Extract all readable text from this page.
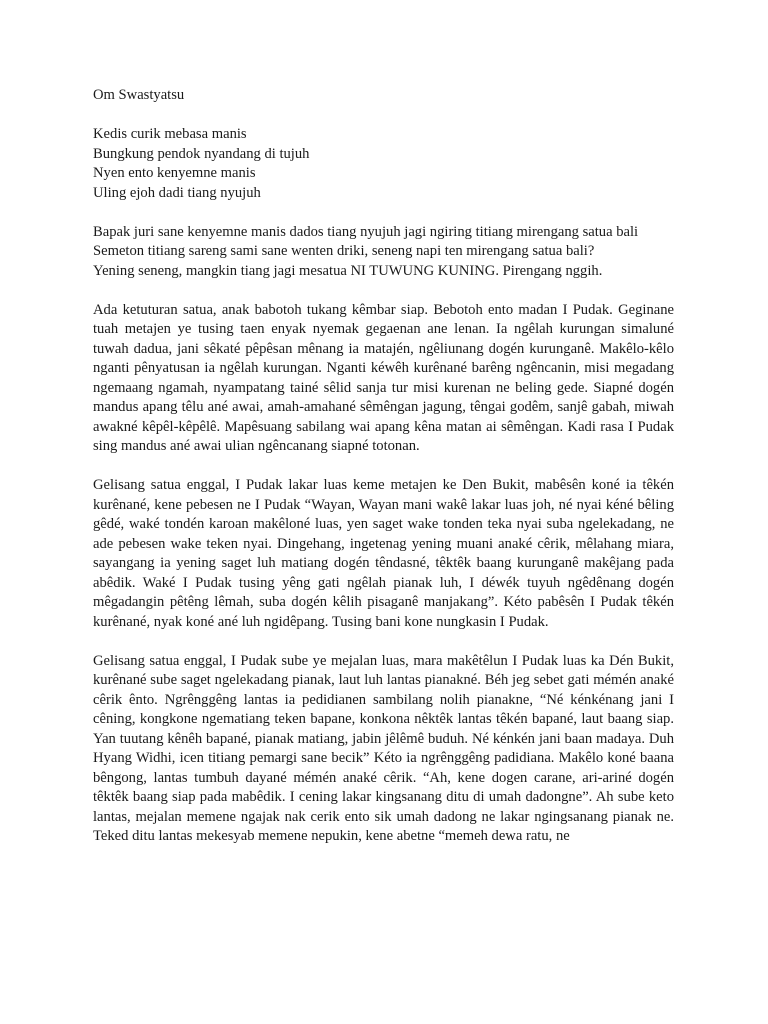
Om Swastyatsu

Kedis curik mebasa manis

Bungkung pendok nyandang di tujuh

Nyen ento kenyemne manis

Uling ejoh dadi tiang nyujuh

Bapak juri sane kenyemne manis dados tiang nyujuh jagi ngiring titiang mirengang satua bali

Semeton titiang sareng sami sane wenten driki, seneng napi ten mirengang satua bali?

Yening seneng, mangkin tiang jagi mesatua NI TUWUNG KUNING. Pirengang nggih.

Ada ketuturan satua, anak babotoh tukang kêmbar siap. Bebotoh ento madan I Pudak. Geginane tuah metajen ye tusing taen enyak nyemak gegaenan ane lenan. Ia ngêlah kurungan simaluné tuwah dadua, jani sêkaté pêpêsan mênang ia matajén, ngêliunang dogén kurunganê. Makêlo-kêlo nganti pênyatusan ia ngêlah kurungan. Nganti kéwêh kurênané barêng ngêncanin, misi megadang ngemaang ngamah, nyampatang tainé sêlid sanja tur misi kurenan ne beling gede. Siapné dogén mandus apang têlu ané awai, amah-amahané sêmêngan jagung, têngai godêm, sanjê gabah, miwah awakné kêpêl-kêpêlê. Mapêsuang sabilang wai apang kêna matan ai sêmêngan. Kadi rasa I Pudak sing mandus ané awai ulian ngêncanang siapné totonan.

Gelisang satua enggal, I Pudak lakar luas keme metajen ke Den Bukit, mabêsên koné ia têkén kurênané, kene pebesen ne I Pudak “Wayan, Wayan mani wakê lakar luas joh, né nyai kéné bêling gêdé, waké tondén karoan makêloné luas, yen saget wake tonden teka nyai suba ngelekadang, ne ade pebesen wake teken nyai. Dingehang, ingetenag yening muani anaké cêrik, mêlahang miara, sayangang ia yening saget luh matiang dogén têndasné, têktêk baang kurunganê makêjang pada abêdik. Waké I Pudak tusing yêng gati ngêlah pianak luh, I déwék tuyuh ngêdênang dogén mêgadangin pêtêng lêmah, suba dogén kêlih pisaganê manjakang”. Kéto pabêsên I Pudak têkén kurênané, nyak koné ané luh ngidêpang. Tusing bani kone nungkasin I Pudak.

Gelisang satua enggal, I Pudak sube ye mejalan luas, mara makêtêlun I Pudak luas ka Dén Bukit, kurênané sube saget ngelekadang pianak, laut luh lantas pianakné. Béh jeg sebet gati mémén anaké cêrik ênto. Ngrênggêng lantas ia pedidianen sambilang nolih pianakne, “Né kénkénang jani I cêning, kongkone ngematiang teken bapane, konkona nêktêk lantas têkén bapané, laut baang siap. Yan tuutang kênêh bapané, pianak matiang, jabin jêlêmê buduh. Né kénkén jani baan madaya. Duh Hyang Widhi, icen titiang pemargi sane becik” Kéto ia ngrênggêng padidiana. Makêlo koné baana bêngong, lantas tumbuh dayané mémén anaké cêrik. “Ah, kene dogen carane, ari-ariné dogén têktêk baang siap pada mabêdik. I cening lakar kingsanang ditu di umah dadongne”. Ah sube keto lantas, mejalan memene ngajak nak cerik ento sik umah dadong ne lakar ngingsanang pianak ne. Teked ditu lantas mekesyab memene nepukin, kene abetne “memeh dewa ratu, ne
